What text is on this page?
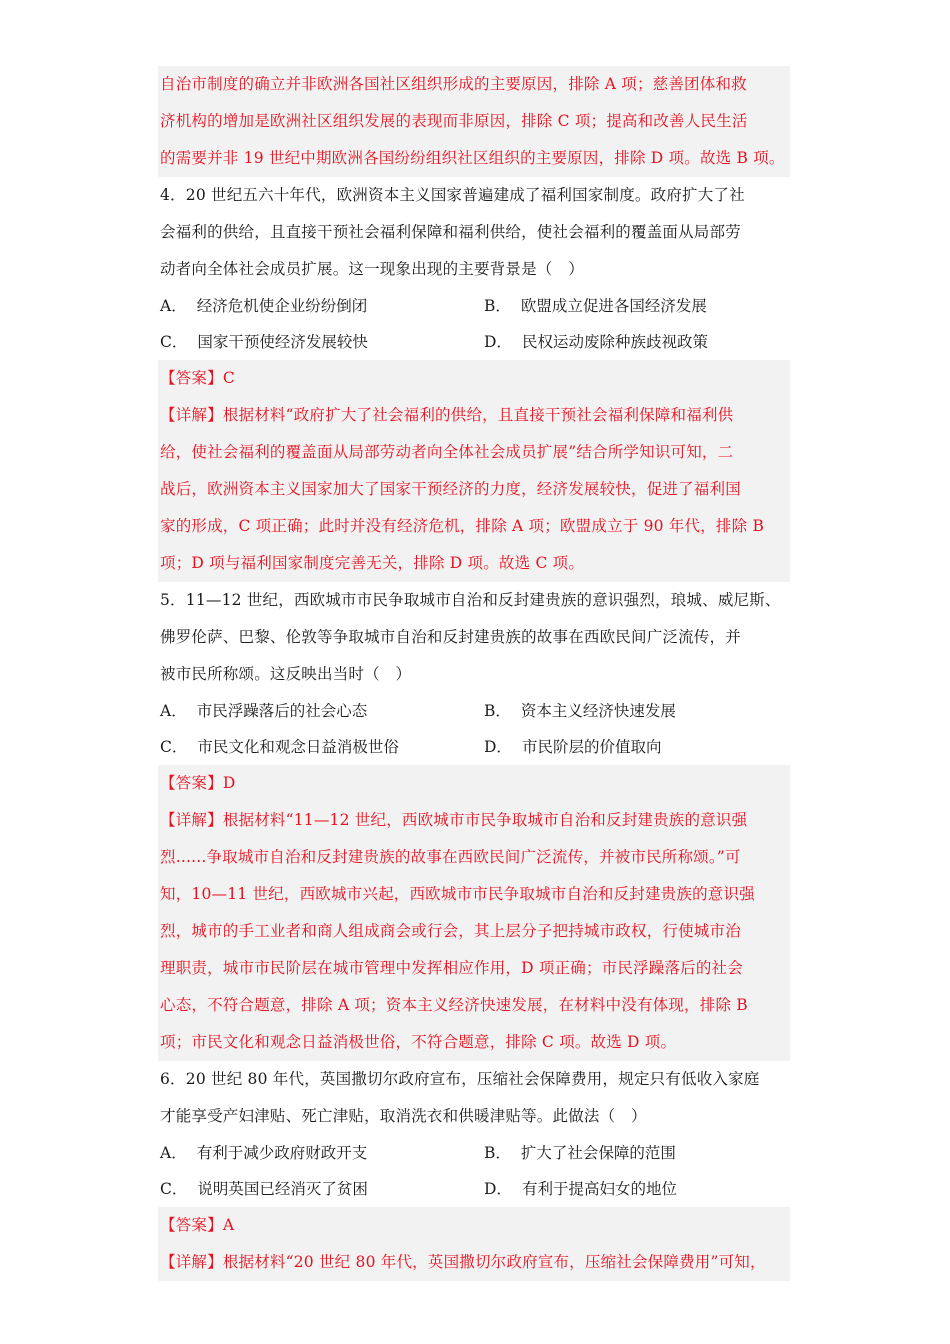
自治市制度的确立并非欧洲各国社区组织形成的主要原因，排除 A 项；慈善团体和救
济机构的增加是欧洲社区组织发展的表现而非原因，排除 C 项；提高和改善人民生活
的需要并非 19 世纪中期欧洲各国纷纷组织社区组织的主要原因，排除 D 项。故选 B 项。
4．20 世纪五六十年代，欧洲资本主义国家普遍建成了福利国家制度。政府扩大了社
会福利的供给，且直接干预社会福利保障和福利供给，使社会福利的覆盖面从局部劳
动者向全体社会成员扩展。这一现象出现的主要背景是（　）
A． 经济危机使企业纷纷倒闭	B． 欧盟成立促进各国经济发展
C． 国家干预使经济发展较快	D． 民权运动废除种族歧视政策
【答案】C
【详解】根据材料“政府扩大了社会福利的供给，且直接干预社会福利保障和福利供
给，使社会福利的覆盖面从局部劳动者向全体社会成员扩展”结合所学知识可知，二
战后，欧洲资本主义国家加大了国家干预经济的力度，经济发展较快，促进了福利国
家的形成，C 项正确；此时并没有经济危机，排除 A 项；欧盟成立于 90 年代，排除 B
项；D 项与福利国家制度完善无关，排除 D 项。故选 C 项。
5．11—12 世纪，西欧城市市民争取城市自治和反封建贵族的意识强烈，琅城、威尼斯、
佛罗伦萨、巴黎、伦敦等争取城市自治和反封建贵族的故事在西欧民间广泛流传，并
被市民所称颂。这反映出当时（　）
A． 市民浮躁落后的社会心态	B． 资本主义经济快速发展
C． 市民文化和观念日益消极世俗	D． 市民阶层的价值取向
【答案】D
【详解】根据材料“11—12 世纪，西欧城市市民争取城市自治和反封建贵族的意识强
烈......争取城市自治和反封建贵族的故事在西欧民间广泛流传，并被市民所称颂。”可
知，10—11 世纪，西欧城市兴起，西欧城市市民争取城市自治和反封建贵族的意识强
烈，城市的手工业者和商人组成商会或行会，其上层分子把持城市政权，行使城市治
理职责，城市市民阶层在城市管理中发挥相应作用，D 项正确；市民浮躁落后的社会
心态，不符合题意，排除 A 项；资本主义经济快速发展，在材料中没有体现，排除 B
项；市民文化和观念日益消极世俗，不符合题意，排除 C 项。故选 D 项。
6．20 世纪 80 年代，英国撒切尔政府宣布，压缩社会保障费用，规定只有低收入家庭
才能享受产妇津贴、死亡津贴，取消洗衣和供暖津贴等。此做法（　）
A． 有利于减少政府财政开支	B． 扩大了社会保障的范围
C． 说明英国已经消灭了贫困	D． 有利于提高妇女的地位
【答案】A
【详解】根据材料“20 世纪 80 年代，英国撒切尔政府宣布，压缩社会保障费用”可知，
